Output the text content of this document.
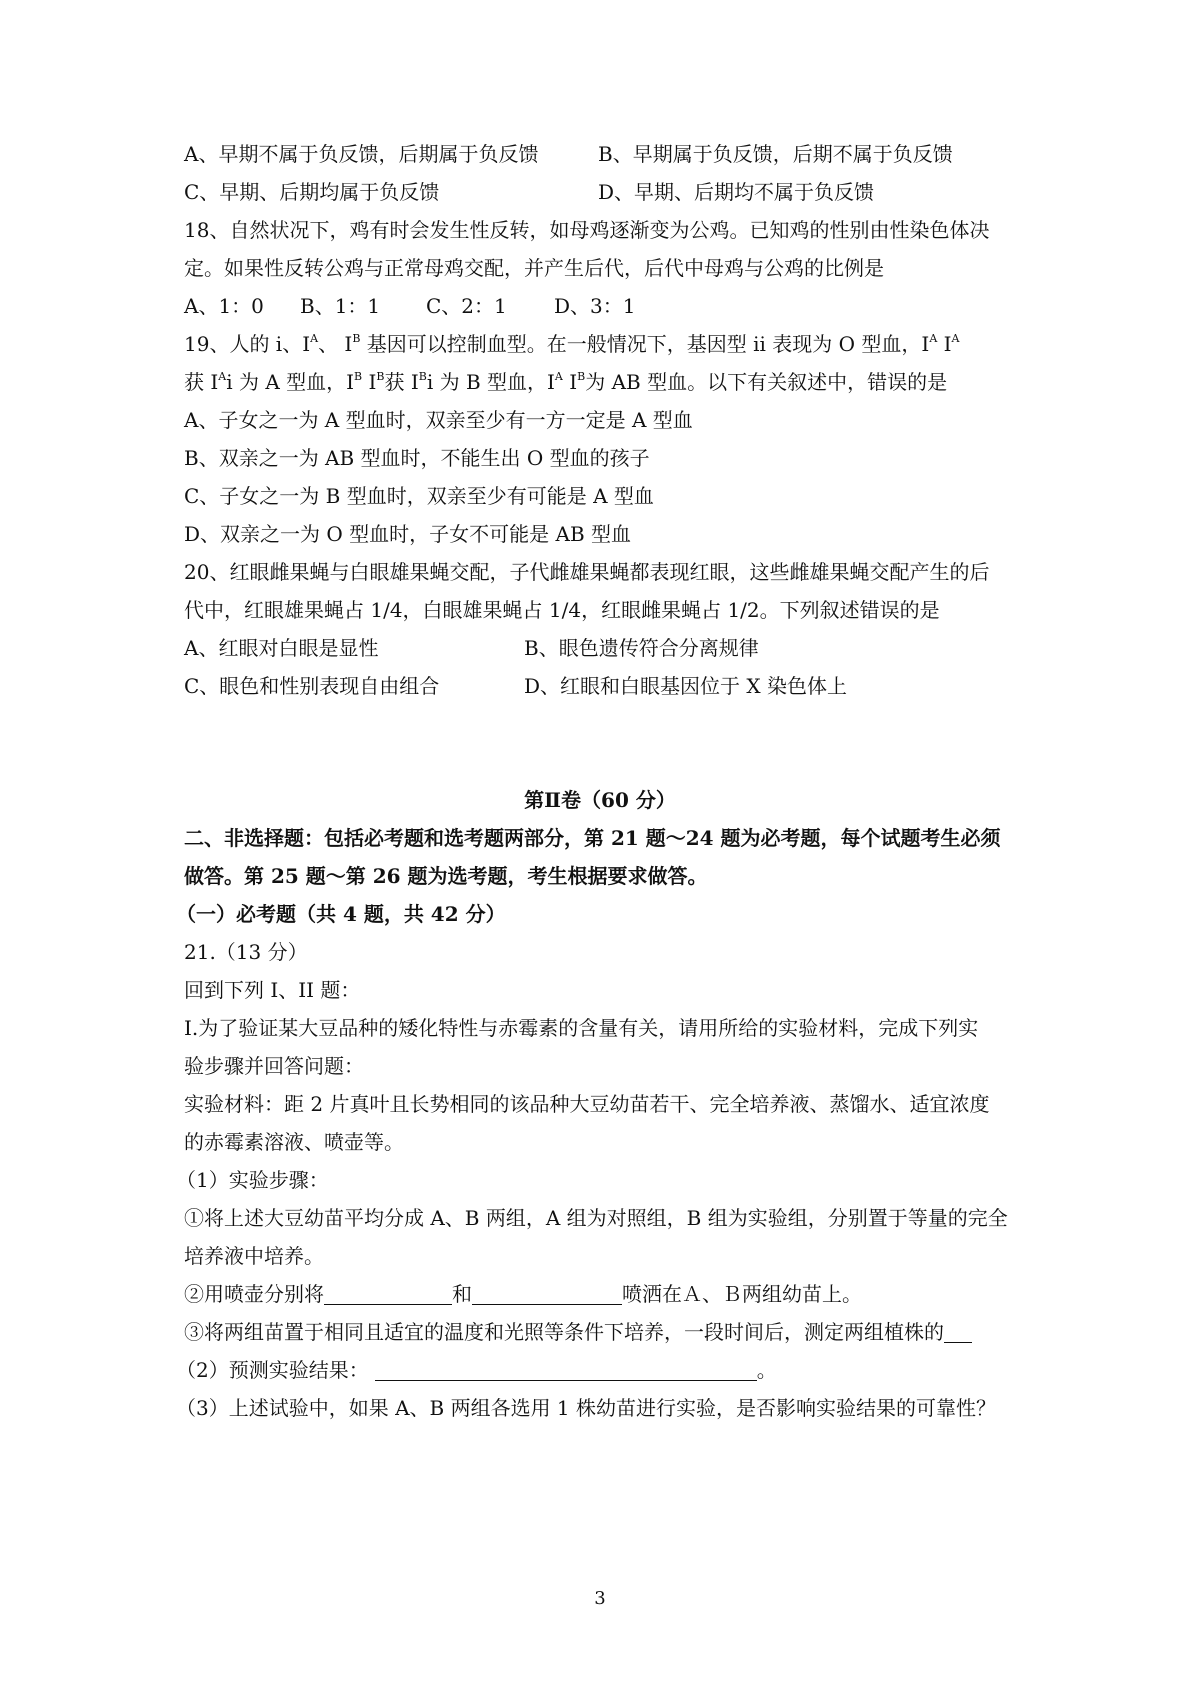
A、早期不属于负反馈，后期属于负反馈	B、早期属于负反馈，后期不属于负反馈
C、早期、后期均属于负反馈	D、早期、后期均不属于负反馈
18、自然状况下，鸡有时会发生性反转，如母鸡逐渐变为公鸡。已知鸡的性别由性染色体决
定。如果性反转公鸡与正常母鸡交配，并产生后代，后代中母鸡与公鸡的比例是
A、1：0 B、1：1 C、2：1 D、3：1
19、人的 i、$I^A$、 $I^B$ 基因可以控制血型。在一般情况下，基因型 ii 表现为 O 型血，$I^A$ $I^A$
获 $I^Ai$ 为 A 型血，$I^B$ $I^B$获 $I^Bi$ 为 B 型血，$I^A$ $I^B$为 AB 型血。以下有关叙述中，错误的是
A、子女之一为 A 型血时，双亲至少有一方一定是 A 型血
B、双亲之一为 AB 型血时，不能生出 O 型血的孩子
C、子女之一为 B 型血时，双亲至少有可能是 A 型血
D、双亲之一为 O 型血时，子女不可能是 AB 型血
20、红眼雌果蝇与白眼雄果蝇交配，子代雌雄果蝇都表现红眼，这些雌雄果蝇交配产生的后
代中，红眼雄果蝇占 1/4，白眼雄果蝇占 1/4，红眼雌果蝇占 1/2。下列叙述错误的是
A、红眼对白眼是显性	B、眼色遗传符合分离规律
C、眼色和性别表现自由组合	D、红眼和白眼基因位于 X 染色体上
第Ⅱ卷（60 分）
二、非选择题：包括必考题和选考题两部分，第 21 题～24 题为必考题，每个试题考生必须
做答。第 25 题～第 26 题为选考题，考生根据要求做答。
（一）必考题（共 4 题，共 42 分）
21.（13 分）
回到下列 I、II 题：
I.为了验证某大豆品种的矮化特性与赤霉素的含量有关，请用所给的实验材料，完成下列实
验步骤并回答问题：
实验材料：距 2 片真叶且长势相同的该品种大豆幼苗若干、完全培养液、蒸馏水、适宜浓度
的赤霉素溶液、喷壶等。
（1）实验步骤：
①将上述大豆幼苗平均分成 A、B 两组，A 组为对照组，B 组为实验组，分别置于等量的完全
培养液中培养。
②用喷壶分别将	和	喷洒在Ａ、Ｂ两组幼苗上。
③将两组苗置于相同且适宜的温度和光照等条件下培养，一段时间后，测定两组植株的
（2）预测实验结果：	。
（3）上述试验中，如果 A、B 两组各选用 1 株幼苗进行实验，是否影响实验结果的可靠性？
3
